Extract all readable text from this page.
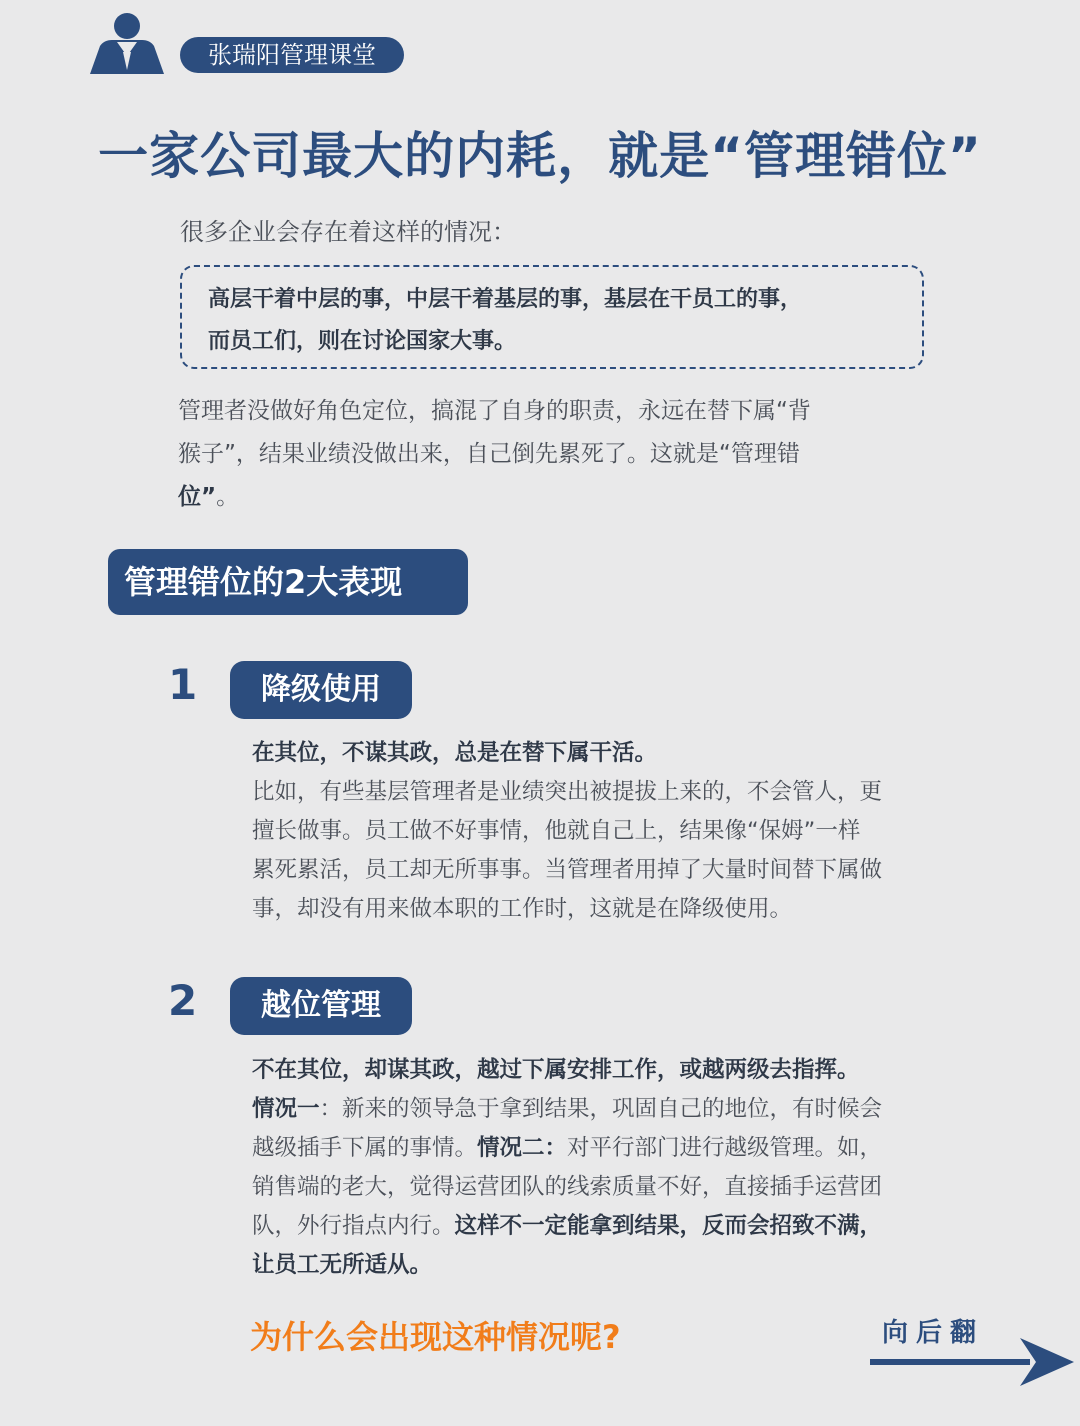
张瑞阳管理课堂
一家公司最大的内耗，就是“管理错位”
很多企业会存在着这样的情况：
高层干着中层的事，中层干着基层的事，基层在干员工的事，
而员工们，则在讨论国家大事。
管理者没做好角色定位，搞混了自身的职责，永远在替下属“背
猴子”，结果业绩没做出来，自己倒先累死了。这就是“管理错
位”。
管理错位的2大表现
1	降级使用
在其位，不谋其政，总是在替下属干活。
比如，有些基层管理者是业绩突出被提拔上来的，不会管人，更
擅长做事。员工做不好事情，他就自己上，结果像“保姆”一样
累死累活，员工却无所事事。当管理者用掉了大量时间替下属做
事，却没有用来做本职的工作时，这就是在降级使用。
2	越位管理
不在其位，却谋其政，越过下属安排工作，或越两级去指挥。
情况一：新来的领导急于拿到结果，巩固自己的地位，有时候会
越级插手下属的事情。情况二：对平行部门进行越级管理。如，
销售端的老大，觉得运营团队的线索质量不好，直接插手运营团
队，外行指点内行。这样不一定能拿到结果，反而会招致不满，
让员工无所适从。
为什么会出现这种情况呢?	向后翻
